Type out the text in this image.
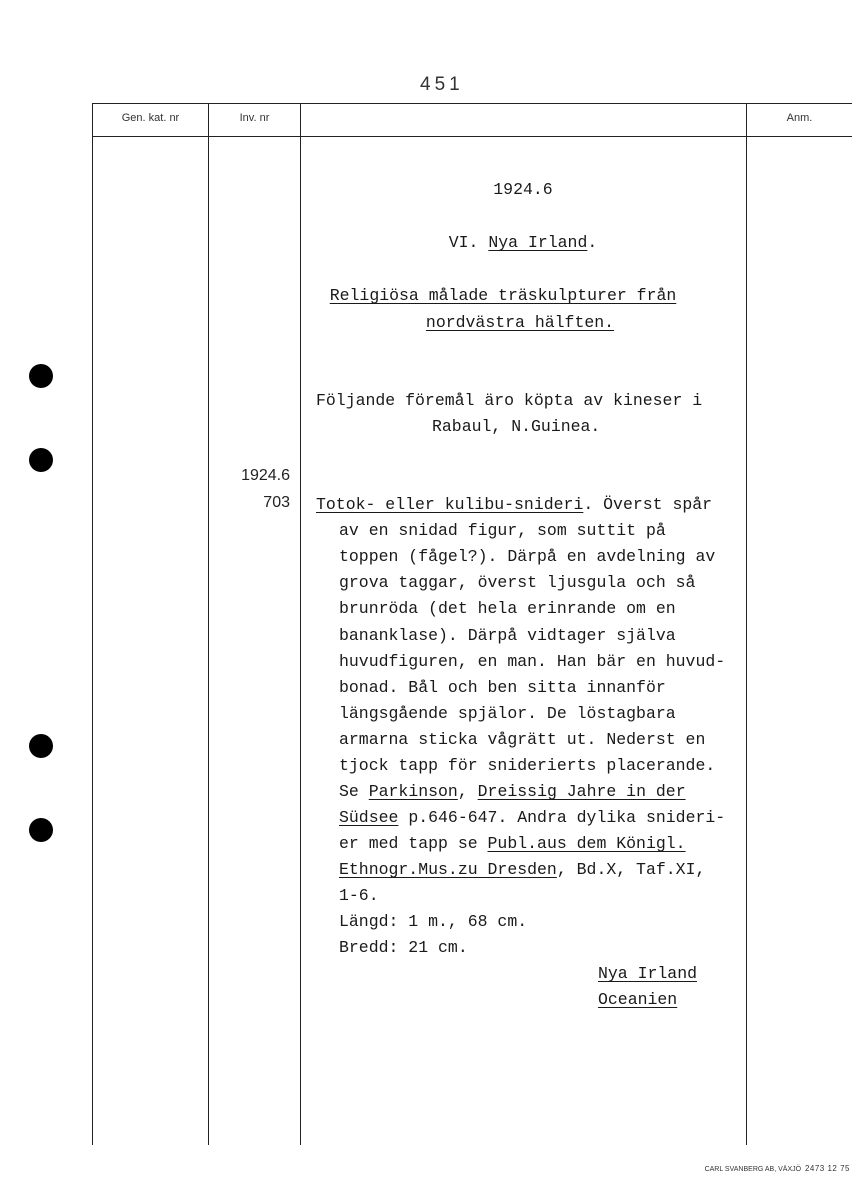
451
Gen. kat. nr	Inv. nr	Anm.
1924.6
703
1924.6
VI. Nya Irland.
Religiösa målade träskulpturer från
nordvästra hälften.
Följande föremål äro köpta av kineser i
Rabaul, N.Guinea.
Totok- eller kulibu-snideri. Överst spår
av en snidad figur, som suttit på
toppen (fågel?). Därpå en avdelning av
grova taggar, överst ljusgula och så
brunröda (det hela erinrande om en
bananklase). Därpå vidtager själva
huvudfiguren, en man. Han bär en huvud-
bonad. Bål och ben sitta innanför
längsgående spjälor. De löstagbara
armarna sticka vågrätt ut. Nederst en
tjock tapp för sniderierts placerande.
Se Parkinson, Dreissig Jahre in der
Südsee p.646-647. Andra dylika snideri-
er med tapp se Publ.aus dem Königl.
Ethnogr.Mus.zu Dresden, Bd.X, Taf.XI,
1-6.
Längd: 1 m., 68 cm.
Bredd: 21 cm.
Nya Irland
Oceanien
CARL SVANBERG AB, VÄXJÖ 2473 12 75
